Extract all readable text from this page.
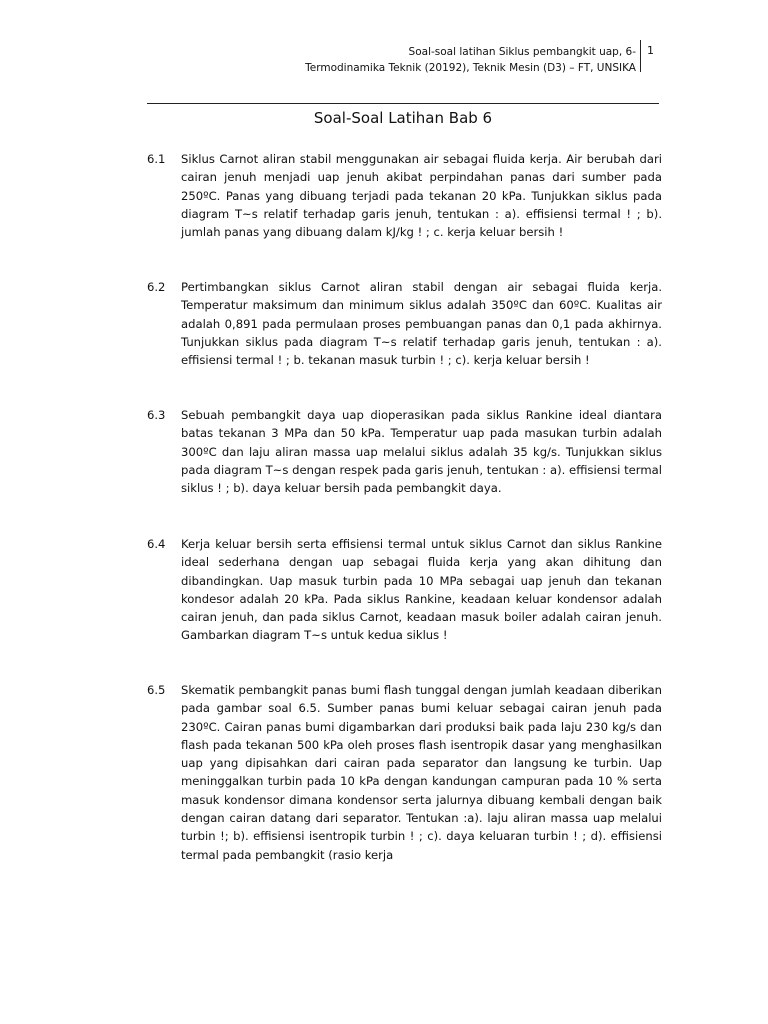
Soal-soal latihan Siklus pembangkit uap, 6-
Termodinamika Teknik (20192), Teknik Mesin (D3) – FT, UNSIKA
1
Soal-Soal Latihan Bab 6
6.1 Siklus Carnot aliran stabil menggunakan air sebagai fluida kerja. Air berubah dari cairan jenuh menjadi uap jenuh akibat perpindahan panas dari sumber pada 250ºC. Panas yang dibuang terjadi pada tekanan 20 kPa. Tunjukkan siklus pada diagram T~s relatif terhadap garis jenuh, tentukan : a). effisiensi termal ! ; b). jumlah panas yang dibuang dalam kJ/kg ! ; c. kerja keluar bersih !
6.2 Pertimbangkan siklus Carnot aliran stabil dengan air sebagai fluida kerja. Temperatur maksimum dan minimum siklus adalah 350ºC dan 60ºC. Kualitas air adalah 0,891 pada permulaan proses pembuangan panas dan 0,1 pada akhirnya. Tunjukkan siklus pada diagram T~s relatif terhadap garis jenuh, tentukan : a). effisiensi termal ! ; b. tekanan masuk turbin ! ; c). kerja keluar bersih !
6.3 Sebuah pembangkit daya uap dioperasikan pada siklus Rankine ideal diantara batas tekanan 3 MPa dan 50 kPa. Temperatur uap pada masukan turbin adalah 300ºC dan laju aliran massa uap melalui siklus adalah 35 kg/s. Tunjukkan siklus pada diagram T~s dengan respek pada garis jenuh, tentukan : a). effisiensi termal siklus ! ; b). daya keluar bersih pada pembangkit daya.
6.4 Kerja keluar bersih serta effisiensi termal untuk siklus Carnot dan siklus Rankine ideal sederhana dengan uap sebagai fluida kerja yang akan dihitung dan dibandingkan. Uap masuk turbin pada 10 MPa sebagai uap jenuh dan tekanan kondesor adalah 20 kPa. Pada siklus Rankine, keadaan keluar kondensor adalah cairan jenuh, dan pada siklus Carnot, keadaan masuk boiler adalah cairan jenuh. Gambarkan diagram T~s untuk kedua siklus !
6.5 Skematik pembangkit panas bumi flash tunggal dengan jumlah keadaan diberikan pada gambar soal 6.5. Sumber panas bumi keluar sebagai cairan jenuh pada 230ºC. Cairan panas bumi digambarkan dari produksi baik pada laju 230 kg/s dan flash pada tekanan 500 kPa oleh proses flash isentropik dasar yang menghasilkan uap yang dipisahkan dari cairan pada separator dan langsung ke turbin. Uap meninggalkan turbin pada 10 kPa dengan kandungan campuran pada 10 % serta masuk kondensor dimana kondensor serta jalurnya dibuang kembali dengan baik dengan cairan datang dari separator. Tentukan :a). laju aliran massa uap melalui turbin !; b). effisiensi isentropik turbin ! ; c). daya keluaran turbin ! ; d). effisiensi termal pada pembangkit (rasio kerja
